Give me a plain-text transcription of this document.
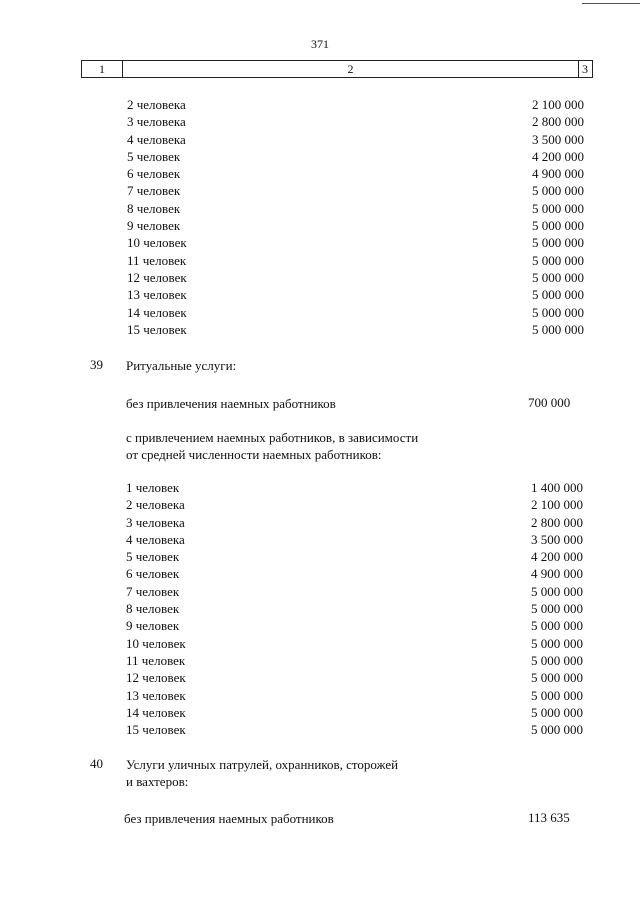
371
1	2	3
2 человека	2 100 000
3 человека	2 800 000
4 человека	3 500 000
5 человек	4 200 000
6 человек	4 900 000
7 человек	5 000 000
8 человек	5 000 000
9 человек	5 000 000
10 человек	5 000 000
11 человек	5 000 000
12 человек	5 000 000
13 человек	5 000 000
14 человек	5 000 000
15 человек	5 000 000
39 Ритуальные услуги:
без привлечения наемных работников	700 000
с привлечением наемных работников, в зависимости
от средней численности наемных работников:
1 человек	1 400 000
2 человека	2 100 000
3 человека	2 800 000
4 человека	3 500 000
5 человек	4 200 000
6 человек	4 900 000
7 человек	5 000 000
8 человек	5 000 000
9 человек	5 000 000
10 человек	5 000 000
11 человек	5 000 000
12 человек	5 000 000
13 человек	5 000 000
14 человек	5 000 000
15 человек	5 000 000
40 Услуги уличных патрулей, охранников, сторожей
и вахтеров:
без привлечения наемных работников	113 635
